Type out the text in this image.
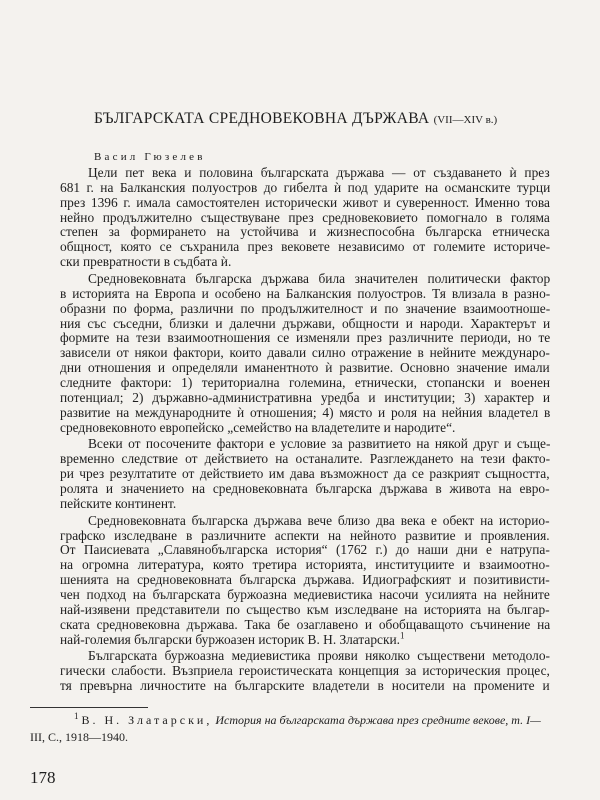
БЪЛГАРСКАТА СРЕДНОВЕКОВНА ДЪРЖАВА (VII—XIV в.)
Васил Гюзелев
Цели пет века и половина българската държава — от създаването ѝ през
681 г. на Балканския полуостров до гибелта ѝ под ударите на османските турци
през 1396 г. имала самостоятелен исторически живот и суверенност. Именно това
нейно продължително съществуване през средновековието помогнало в голяма
степен за формирането на устойчива и жизнеспособна българска етническа
общност, която се съхранила през вековете независимо от големите историче-
ски превратности в съдбата ѝ.
Средновековната българска държава била значителен политически фактор
в историята на Европа и особено на Балканския полуостров. Тя влизала в разно-
образни по форма, различни по продължителност и по значение взаимоотноше-
ния със съседни, близки и далечни държави, общности и народи. Характерът и
формите на тези взаимоотношения се изменяли през различните периоди, но те
зависели от някои фактори, които давали силно отражение в нейните междунаро-
дни отношения и определяли иманентното ѝ развитие. Основно значение имали
следните фактори: 1) териториална големина, етнически, стопански и военен
потенциал; 2) държавно-административна уредба и институции; 3) характер и
развитие на международните ѝ отношения; 4) място и роля на нейния владетел в
средновековното европейско „семейство на владетелите и народите“.
Всеки от посочените фактори е условие за развитието на някой друг и съще-
временно следствие от действието на останалите. Разглеждането на тези факто-
ри чрез резултатите от действието им дава възможност да се разкрият същността,
ролята и значението на средновековната българска държава в живота на евро-
пейските континент.
Средновековната българска държава вече близо два века е обект на историо-
графско изследване в различните аспекти на нейното развитие и проявления.
От Паисиевата „Славянобългарска история“ (1762 г.) до наши дни е натрупа-
на огромна литература, която третира историята, институциите и взаимоотно-
шенията на средновековната българска държава. Идиографският и позитивисти-
чен подход на българската буржоазна медиевистика насочи усилията на нейните
най-изявени представители по същество към изследване на историята на българ-
ската средновековна държава. Така бе озаглавено и обобщаващото съчинение на
най-големия български буржоазен историк В. Н. Златарски.$^1$
Българската буржоазна медиевистика прояви няколко съществени методоло-
гически слабости. Възприела героистическата концепция за историческия процес,
тя превърна личностите на българските владетели в носители на промените и
$^1$ В. Н. Златарски, История на българската държава през средните векове, т. I—
III, С., 1918—1940.
178
